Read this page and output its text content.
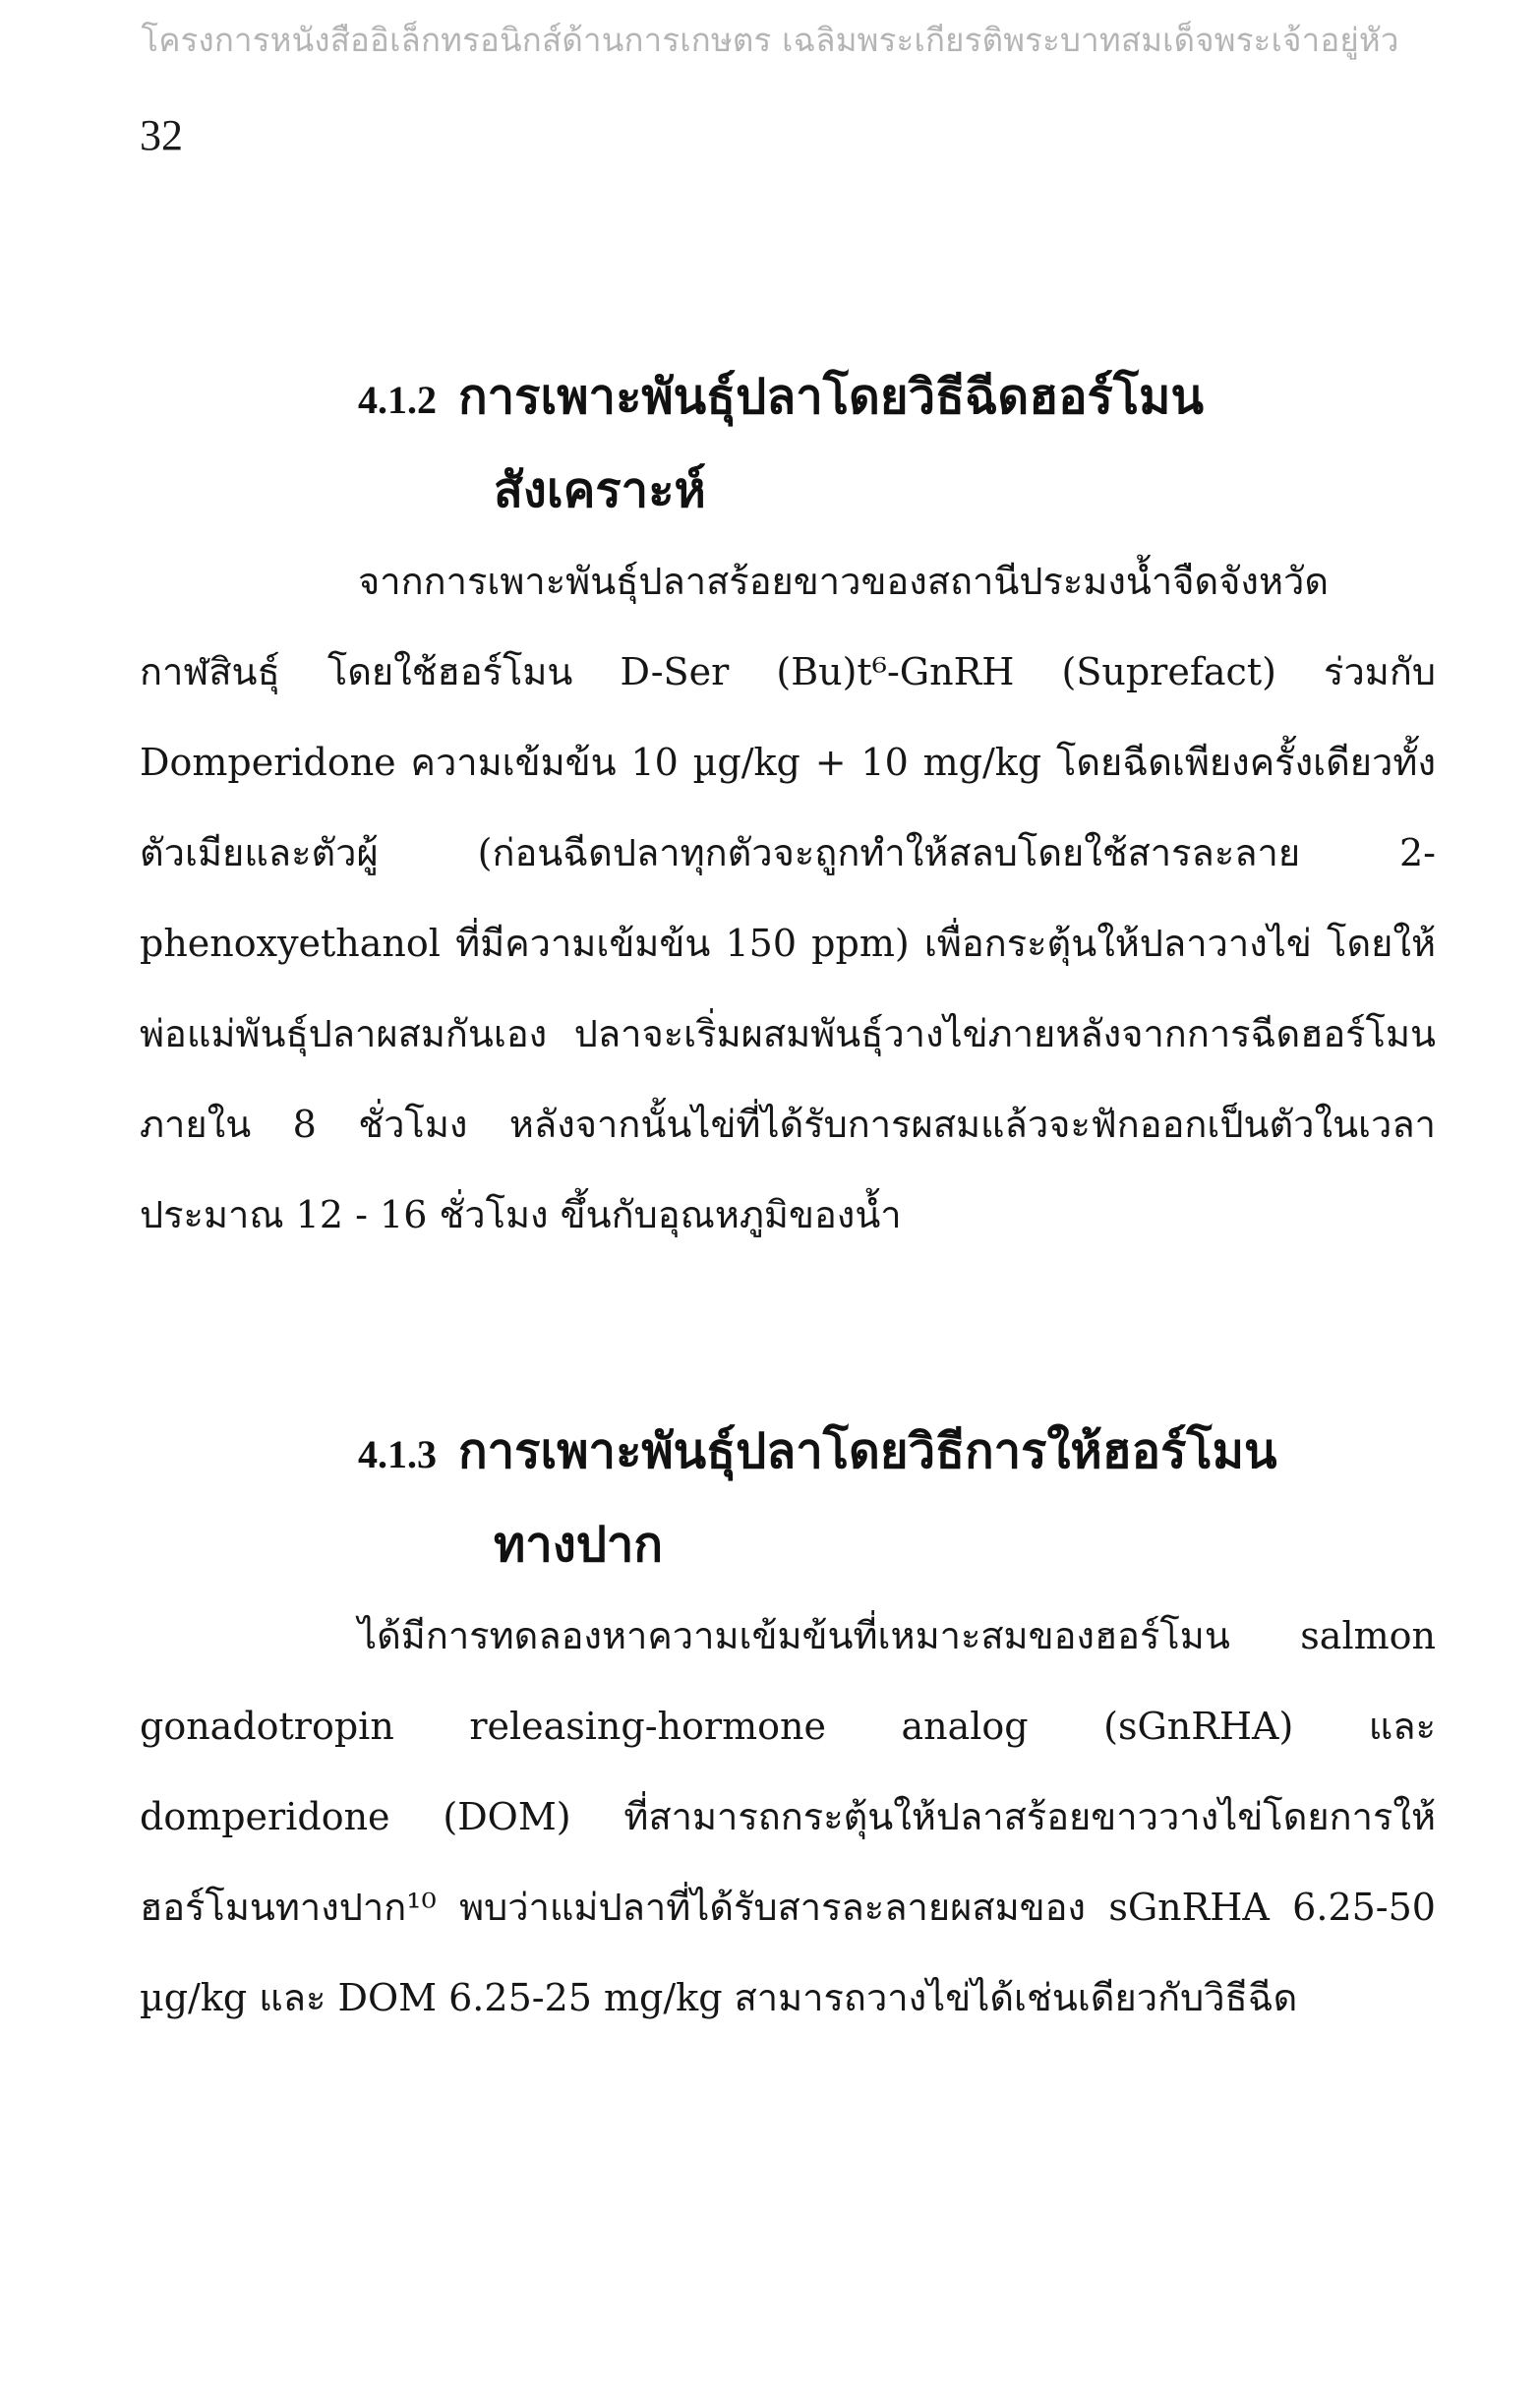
โครงการหนังสืออิเล็กทรอนิกส์ด้านการเกษตร เฉลิมพระเกียรติพระบาทสมเด็จพระเจ้าอยู่หัว
32
4.1.2 การเพาะพันธุ์ปลาโดยวิธีฉีดฮอร์โมน
สังเคราะห์

จากการเพาะพันธุ์ปลาสร้อยขาวของสถานีประมงน้ำจืดจังหวัดกาฬสินธุ์ โดยใช้ฮอร์โมน D-Ser (Bu)t⁶-GnRH (Suprefact) ร่วมกับ Domperidone ความเข้มข้น 10 µg/kg + 10 mg/kg โดยฉีดเพียงครั้งเดียวทั้งตัวเมียและตัวผู้ (ก่อนฉีดปลาทุกตัวจะถูกทำให้สลบโดยใช้สารละลาย 2-phenoxyethanol ที่มีความเข้มข้น 150 ppm) เพื่อกระตุ้นให้ปลาวางไข่ โดยให้พ่อแม่พันธุ์ปลาผสมกันเอง ปลาจะเริ่มผสมพันธุ์วางไข่ภายหลังจากการฉีดฮอร์โมนภายใน 8 ชั่วโมง หลังจากนั้นไข่ที่ได้รับการผสมแล้วจะฟักออกเป็นตัวในเวลาประมาณ 12 - 16 ชั่วโมง ขึ้นกับอุณหภูมิของน้ำ

4.1.3 การเพาะพันธุ์ปลาโดยวิธีการให้ฮอร์โมน
ทางปาก

ได้มีการทดลองหาความเข้มข้นที่เหมาะสมของฮอร์โมน salmon gonadotropin releasing-hormone analog (sGnRHA) และ domperidone (DOM) ที่สามารถกระตุ้นให้ปลาสร้อยขาววางไข่โดยการให้ฮอร์โมนทางปาก¹⁰ พบว่าแม่ปลาที่ได้รับสารละลายผสมของ sGnRHA 6.25-50 µg/kg และ DOM 6.25-25 mg/kg สามารถวางไข่ได้เช่นเดียวกับวิธีฉีด
